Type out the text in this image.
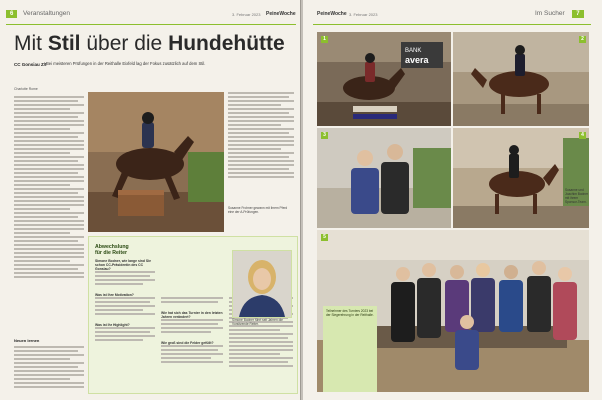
6 Veranstaltungen	3. Februar 2023 PeineWoche
Mit Stil über die Hundehütte
CC Gonsiau Z/t Bei meisteren Prüfungen in der Reithalle Eixfeld lag der Fokus zusätzlich auf dem Stil.
Charlotte Rome
Neuen lernen
Susanne Frohner gewann mit ihrem Pferd eine der A-Prüfungen.
Abwechslung
für die Reiter
Simone Bodner, wie lange sind Sie schon CC-Präsidentin des CC Gonsiau?
Was ist Ihre Motivation?
Was ist Ihr Highlight?
Wie hat sich das Turnier in den letzten Jahren verändert?
Wie groß sind die Felder gefüllt?
Simone Bodner führt seit Jahren die Vorsitzende Reiter.
PeineWoche 3. Februar 2023	Im Sucher 7
BANK
avera
1	2
3	4
Susanne und Joachim Bodner mit ihrem Sponsor-Team.
5
Teilnehmer des Turniers 2023 bei der Siegerehrung in der Reithalle.
